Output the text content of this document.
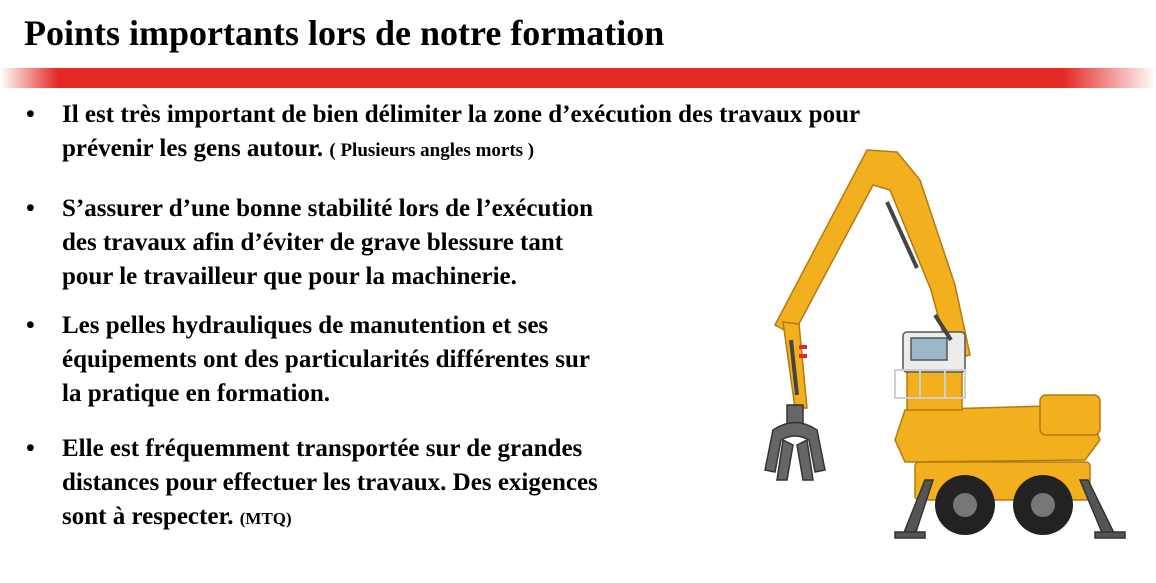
Points importants lors de notre formation
• Il est très important de bien délimiter la zone d’exécution des travaux pour
prévenir les gens autour. ( Plusieurs angles morts )
• S’assurer d’une bonne stabilité lors de l’exécution
des travaux afin d’éviter de grave blessure tant
pour le travailleur que pour la machinerie.
• Les pelles hydrauliques de manutention et ses
équipements ont des particularités différentes sur
la pratique en formation.
• Elle est fréquemment transportée sur de grandes
distances pour effectuer les travaux. Des exigences
sont à respecter. (MTQ)
